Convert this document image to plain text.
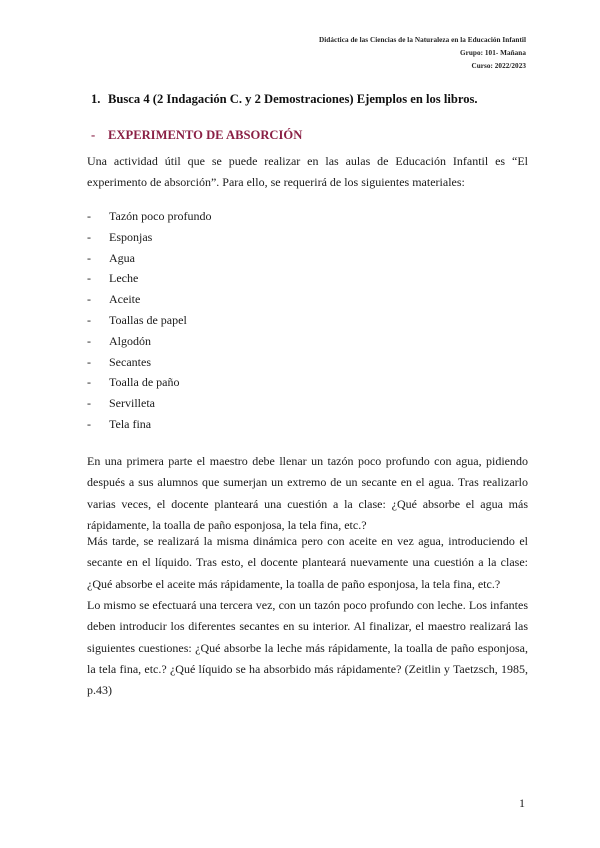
Didáctica de las Ciencias de la Naturaleza en la Educación Infantil
Grupo: 101- Mañana
Curso: 2022/2023
1. Busca 4 (2 Indagación C. y 2 Demostraciones) Ejemplos en los libros.
- EXPERIMENTO DE ABSORCIÓN

Una actividad útil que se puede realizar en las aulas de Educación Infantil es “El experimento de absorción”. Para ello, se requerirá de los siguientes materiales:

-	Tazón poco profundo
-	Esponjas
-	Agua
-	Leche
-	Aceite
-	Toallas de papel
-	Algodón
-	Secantes
-	Toalla de paño
-	Servilleta
-	Tela fina

En una primera parte el maestro debe llenar un tazón poco profundo con agua, pidiendo después a sus alumnos que sumerjan un extremo de un secante en el agua. Tras realizarlo varias veces, el docente planteará una cuestión a la clase: ¿Qué absorbe el agua más rápidamente, la toalla de paño esponjosa, la tela fina, etc.?

Más tarde, se realizará la misma dinámica pero con aceite en vez agua, introduciendo el secante en el líquido. Tras esto, el docente planteará nuevamente una cuestión a la clase: ¿Qué absorbe el aceite más rápidamente, la toalla de paño esponjosa, la tela fina, etc.?

Lo mismo se efectuará una tercera vez, con un tazón poco profundo con leche. Los infantes deben introducir los diferentes secantes en su interior. Al finalizar, el maestro realizará las siguientes cuestiones: ¿Qué absorbe la leche más rápidamente, la toalla de paño esponjosa, la tela fina, etc.? ¿Qué líquido se ha absorbido más rápidamente? (Zeitlin y Taetzsch, 1985, p.43)

1
